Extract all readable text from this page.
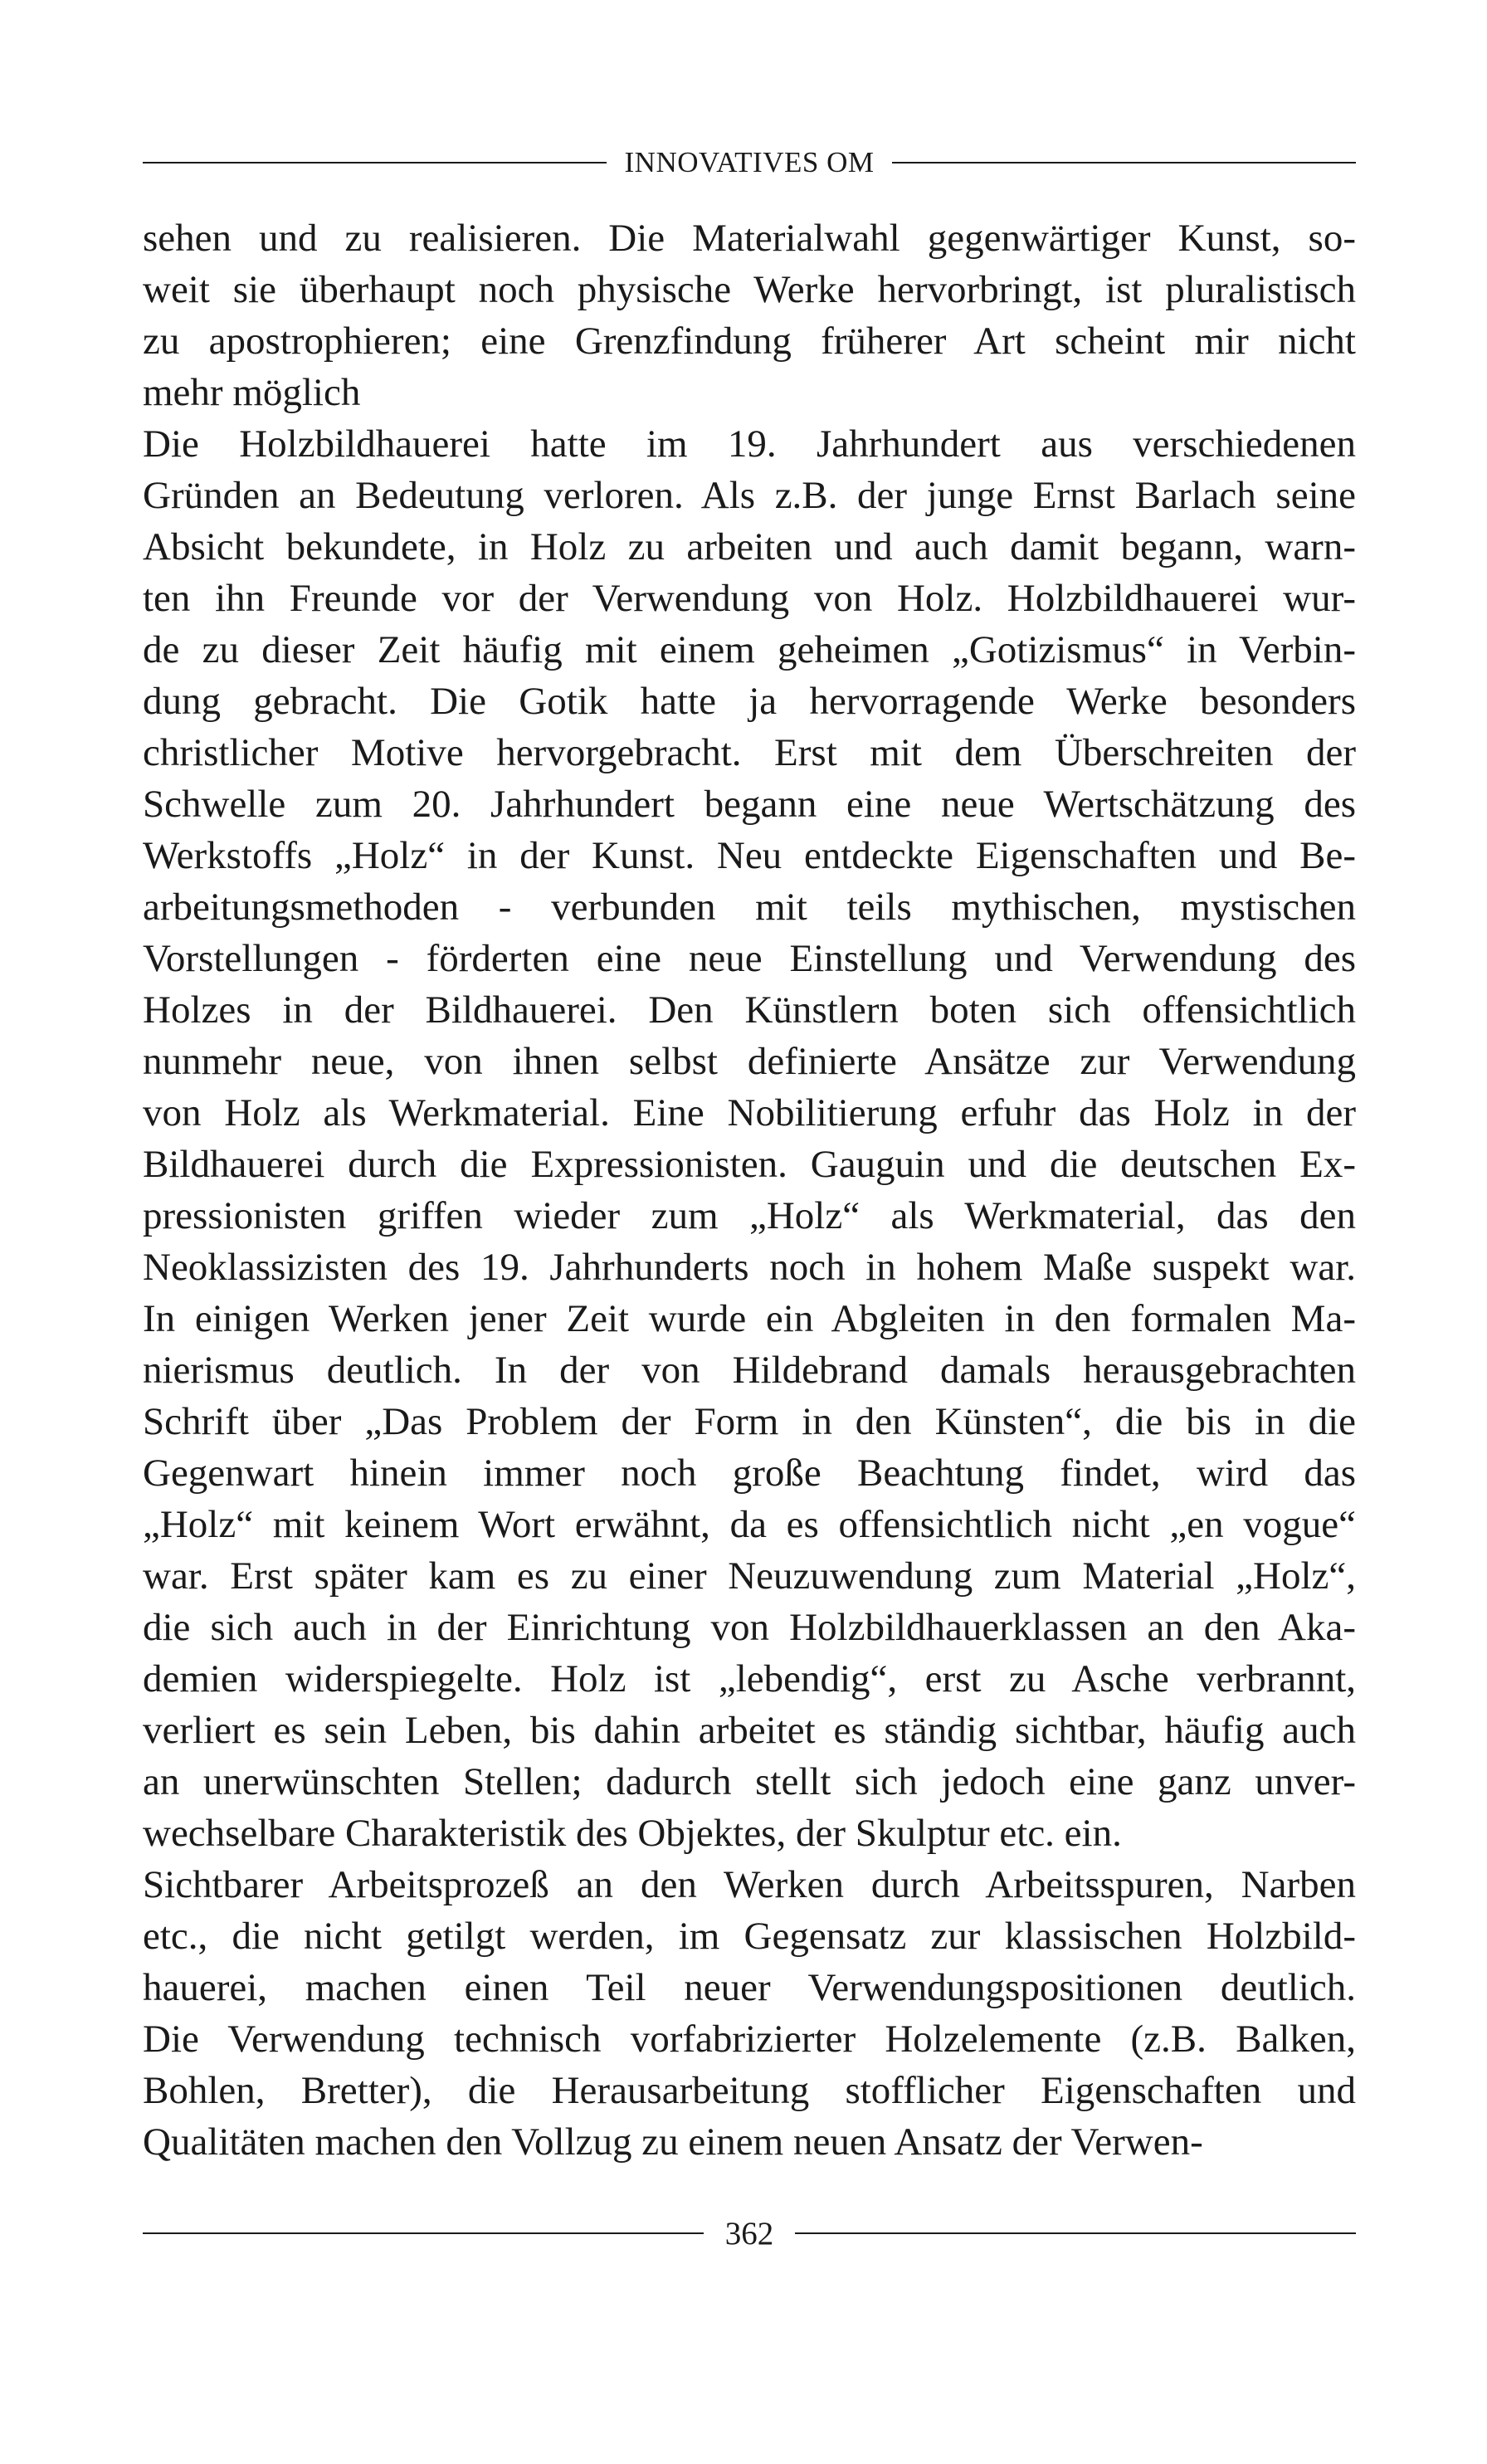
INNOVATIVES OM
sehen und zu realisieren. Die Materialwahl gegenwärtiger Kunst, so-
weit sie überhaupt noch physische Werke hervorbringt, ist pluralistisch
zu apostrophieren; eine Grenzfindung früherer Art scheint mir nicht
mehr möglich
Die Holzbildhauerei hatte im 19. Jahrhundert aus verschiedenen
Gründen an Bedeutung verloren. Als z.B. der junge Ernst Barlach seine
Absicht bekundete, in Holz zu arbeiten und auch damit begann, warn-
ten ihn Freunde vor der Verwendung von Holz. Holzbildhauerei wur-
de zu dieser Zeit häufig mit einem geheimen „Gotizismus“ in Verbin-
dung gebracht. Die Gotik hatte ja hervorragende Werke besonders
christlicher Motive hervorgebracht. Erst mit dem Überschreiten der
Schwelle zum 20. Jahrhundert begann eine neue Wertschätzung des
Werkstoffs „Holz“ in der Kunst. Neu entdeckte Eigenschaften und Be-
arbeitungsmethoden - verbunden mit teils mythischen, mystischen
Vorstellungen - förderten eine neue Einstellung und Verwendung des
Holzes in der Bildhauerei. Den Künstlern boten sich offensichtlich
nunmehr neue, von ihnen selbst definierte Ansätze zur Verwendung
von Holz als Werkmaterial. Eine Nobilitierung erfuhr das Holz in der
Bildhauerei durch die Expressionisten. Gauguin und die deutschen Ex-
pressionisten griffen wieder zum „Holz“ als Werkmaterial, das den
Neoklassizisten des 19. Jahrhunderts noch in hohem Maße suspekt war.
In einigen Werken jener Zeit wurde ein Abgleiten in den formalen Ma-
nierismus deutlich. In der von Hildebrand damals herausgebrachten
Schrift über „Das Problem der Form in den Künsten“, die bis in die
Gegenwart hinein immer noch große Beachtung findet, wird das
„Holz“ mit keinem Wort erwähnt, da es offensichtlich nicht „en vogue“
war. Erst später kam es zu einer Neuzuwendung zum Material „Holz“,
die sich auch in der Einrichtung von Holzbildhauerklassen an den Aka-
demien widerspiegelte. Holz ist „lebendig“, erst zu Asche verbrannt,
verliert es sein Leben, bis dahin arbeitet es ständig sichtbar, häufig auch
an unerwünschten Stellen; dadurch stellt sich jedoch eine ganz unver-
wechselbare Charakteristik des Objektes, der Skulptur etc. ein.
Sichtbarer Arbeitsprozeß an den Werken durch Arbeitsspuren, Narben
etc., die nicht getilgt werden, im Gegensatz zur klassischen Holzbild-
hauerei, machen einen Teil neuer Verwendungspositionen deutlich.
Die Verwendung technisch vorfabrizierter Holzelemente (z.B. Balken,
Bohlen, Bretter), die Herausarbeitung stofflicher Eigenschaften und
Qualitäten machen den Vollzug zu einem neuen Ansatz der Verwen-
362
